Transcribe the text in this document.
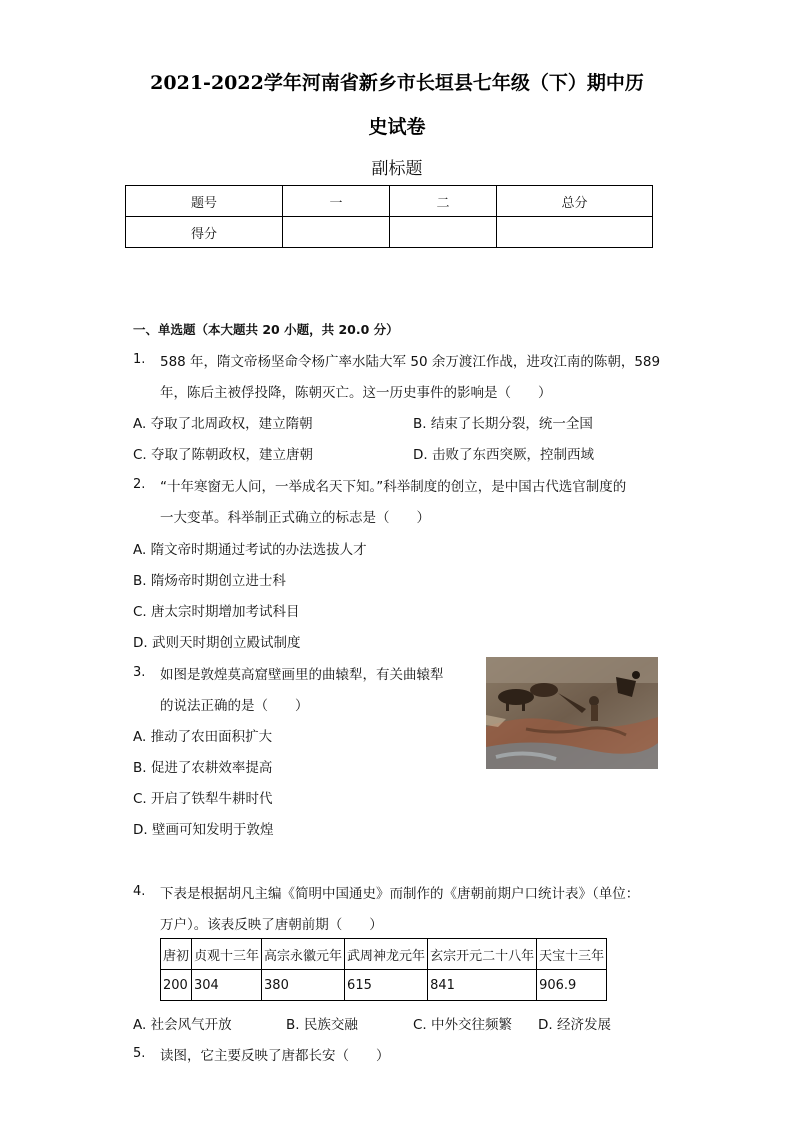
2021-2022学年河南省新乡市长垣县七年级（下）期中历
史试卷
副标题
题号	一	二	总分
得分			
一、单选题（本大题共 20 小题，共 20.0 分）
1. 588 年，隋文帝杨坚命令杨广率水陆大军 50 余万渡江作战，进攻江南的陈朝，589
年，陈后主被俘投降，陈朝灭亡。这一历史事件的影响是（　　）
A. 夺取了北周政权，建立隋朝	B. 结束了长期分裂，统一全国
C. 夺取了陈朝政权，建立唐朝	D. 击败了东西突厥，控制西域
2. “十年寒窗无人问，一举成名天下知。”科举制度的创立，是中国古代选官制度的
一大变革。科举制正式确立的标志是（　　）
A. 隋文帝时期通过考试的办法选拔人才
B. 隋炀帝时期创立进士科
C. 唐太宗时期增加考试科目
D. 武则天时期创立殿试制度
3. 如图是敦煌莫高窟壁画里的曲辕犁，有关曲辕犁
的说法正确的是（　　）
A. 推动了农田面积扩大
B. 促进了农耕效率提高
C. 开启了铁犁牛耕时代
D. 壁画可知发明于敦煌
4. 下表是根据胡凡主编《简明中国通史》而制作的《唐朝前期户口统计表》（单位：
万户）。该表反映了唐朝前期（　　）
唐初	贞观十三年	高宗永徽元年	武周神龙元年	玄宗开元二十八年	天宝十三年
200	304	380	615	841	906.9
A. 社会风气开放	B. 民族交融	C. 中外交往频繁 D. 经济发展
5. 读图，它主要反映了唐都长安（　　）
